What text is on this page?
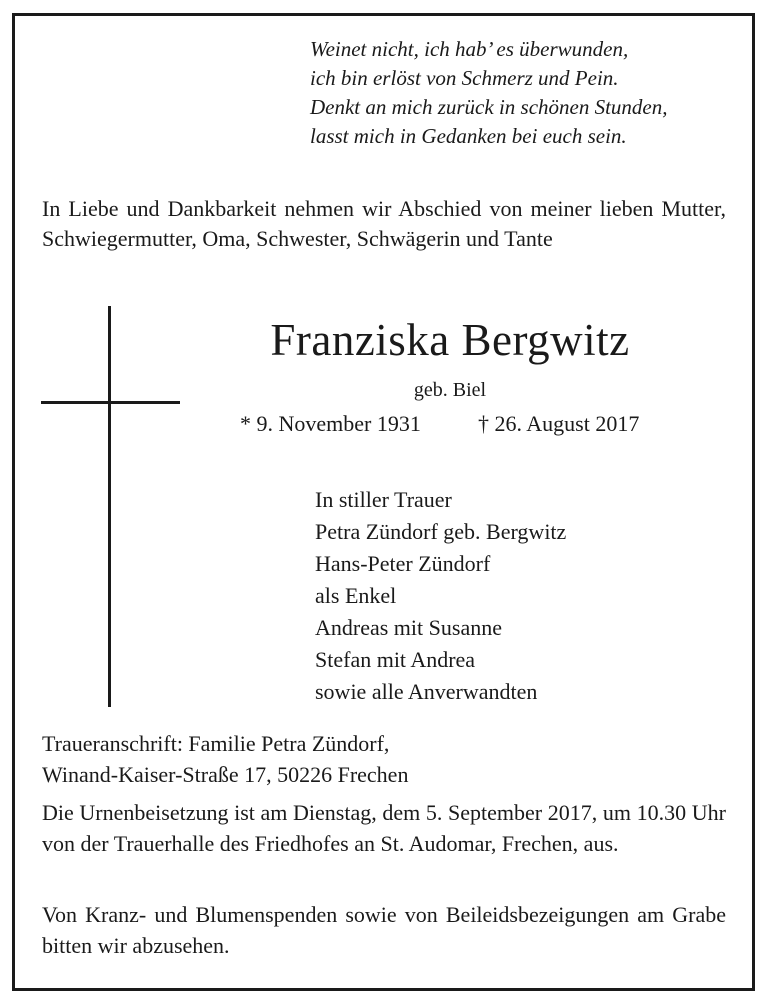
Weinet nicht, ich hab’ es überwunden,
ich bin erlöst von Schmerz und Pein.
Denkt an mich zurück in schönen Stunden,
lasst mich in Gedanken bei euch sein.
In Liebe und Dankbarkeit nehmen wir Abschied von meiner lieben Mutter, Schwiegermutter, Oma, Schwester, Schwägerin und Tante
Franziska Bergwitz
geb. Biel
* 9. November 1931	† 26. August 2017
In stiller Trauer
Petra Zündorf geb. Bergwitz
Hans-Peter Zündorf
als Enkel
Andreas mit Susanne
Stefan mit Andrea
sowie alle Anverwandten
Traueranschrift: Familie Petra Zündorf,
Winand-Kaiser-Straße 17, 50226 Frechen
Die Urnenbeisetzung ist am Dienstag, dem 5. September 2017, um 10.30 Uhr von der Trauerhalle des Friedhofes an St. Audomar, Frechen, aus.
Von Kranz- und Blumenspenden sowie von Beileidsbezeigungen am Grabe bitten wir abzusehen.
